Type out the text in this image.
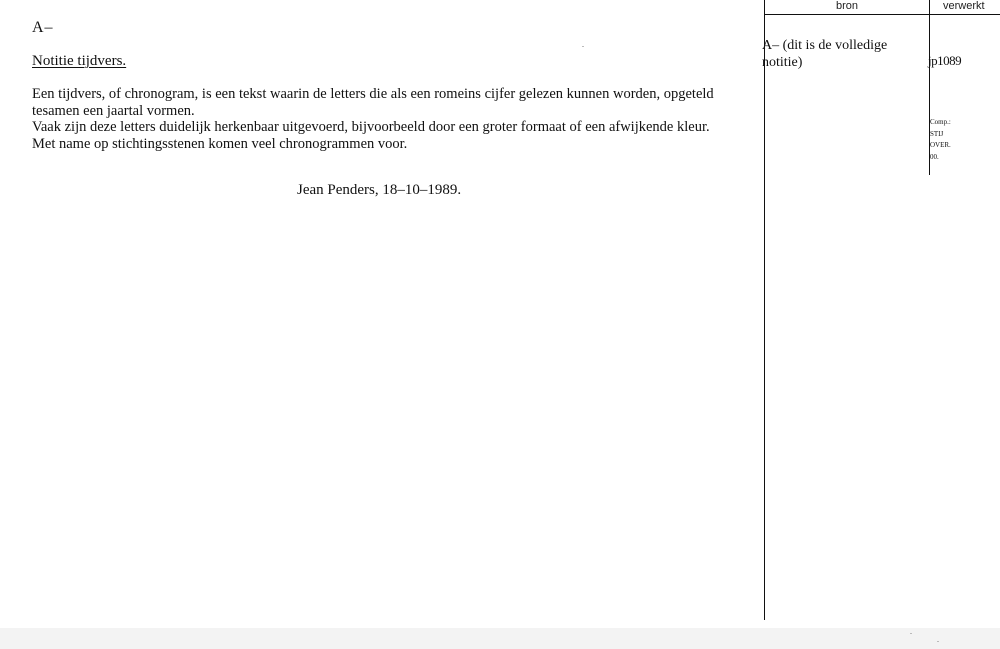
A–
Notitie tijdvers.

Een tijdvers, of chronogram, is een tekst waarin de letters die als een romeins cijfer gelezen kunnen worden, opgeteld

tesamen een jaartal vormen.

Vaak zijn deze letters duidelijk herkenbaar uitgevoerd, bijvoorbeeld door een groter formaat of een afwijkende kleur.

Met name op stichtingsstenen komen veel chronogrammen voor.

Jean Penders, 18–10–1989.
bron	verwerkt
A– (dit is de volledige
notitie)	jp1089
Comp.:
STIJ
OVER.
00.
